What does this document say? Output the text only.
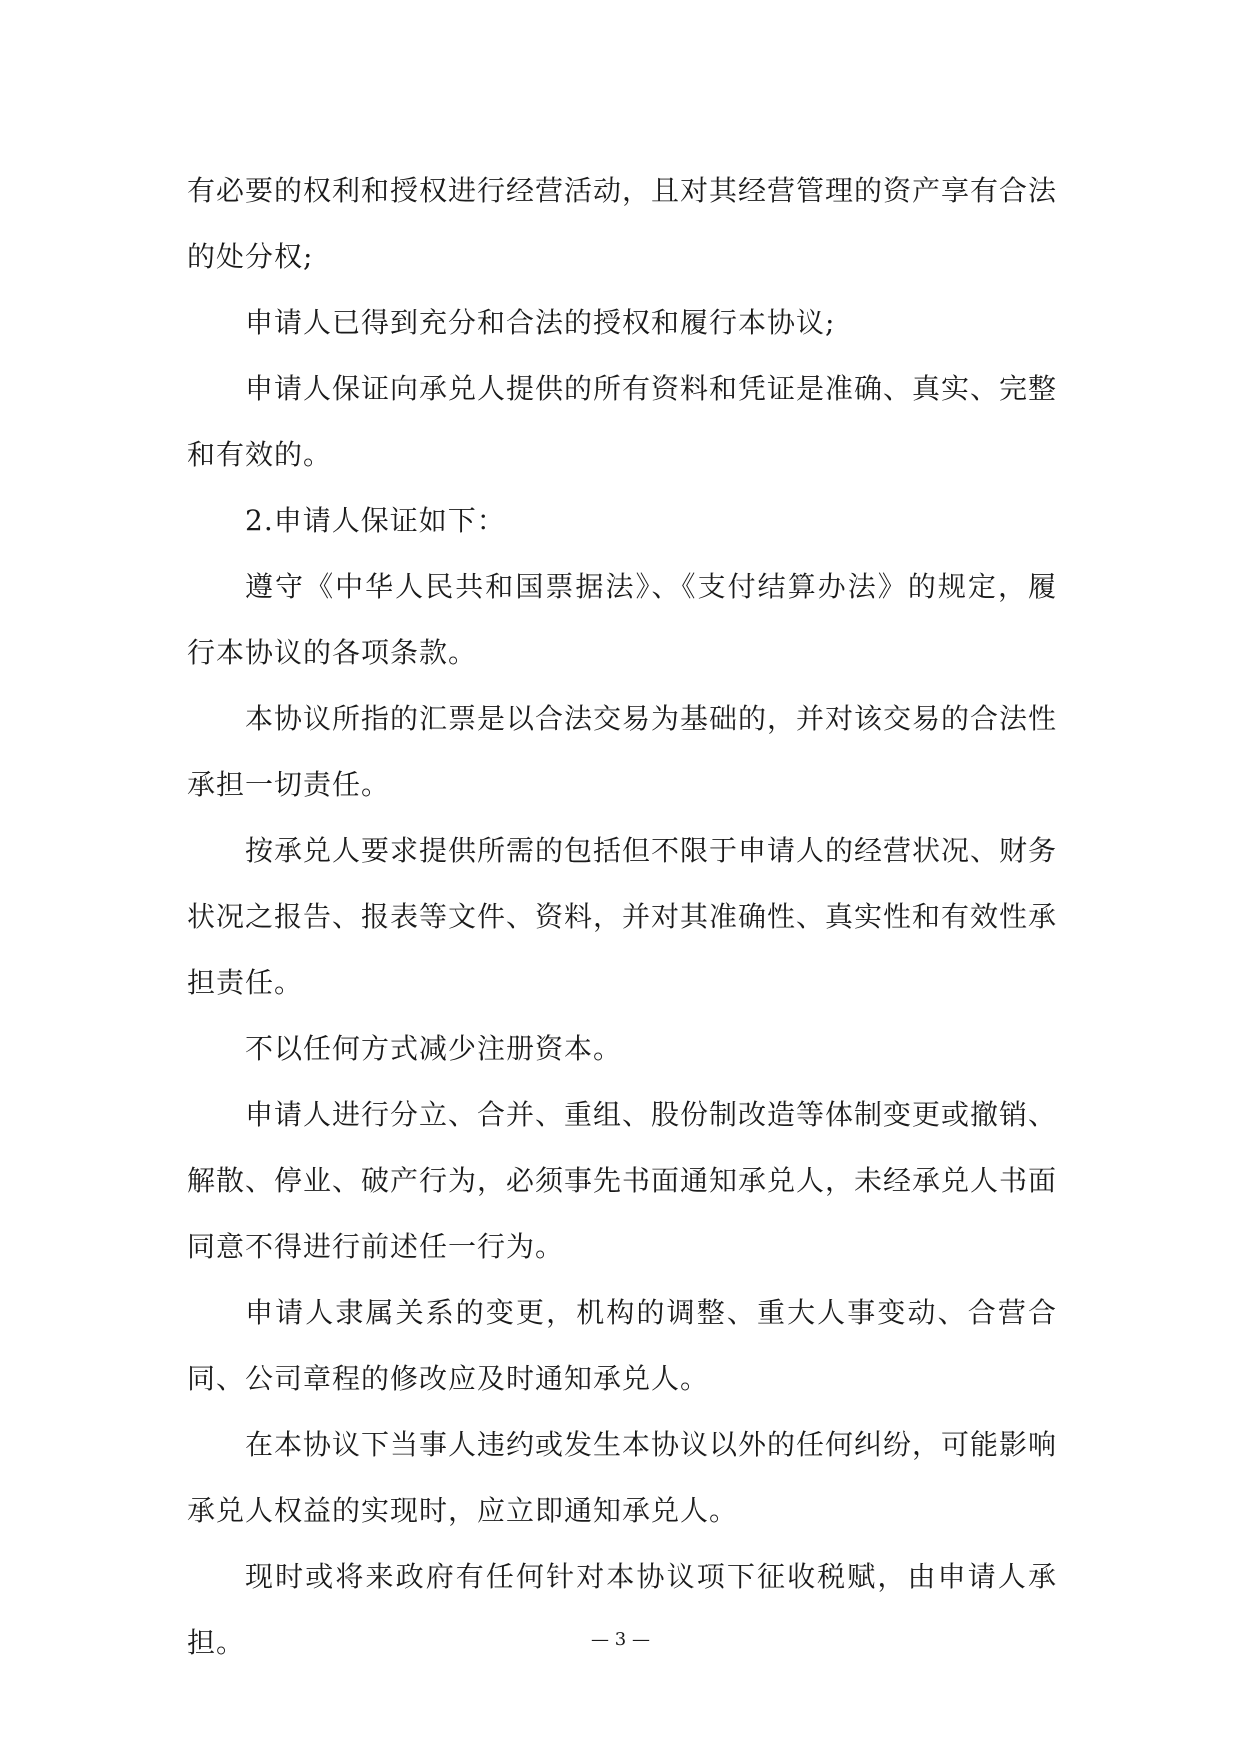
有必要的权利和授权进行经营活动，且对其经营管理的资产享有合法的处分权;

申请人已得到充分和合法的授权和履行本协议;

申请人保证向承兑人提供的所有资料和凭证是准确、真实、完整和有效的。

2.申请人保证如下：

遵守《中华人民共和国票据法》、《支付结算办法》的规定，履行本协议的各项条款。

本协议所指的汇票是以合法交易为基础的，并对该交易的合法性承担一切责任。

按承兑人要求提供所需的包括但不限于申请人的经营状况、财务状况之报告、报表等文件、资料，并对其准确性、真实性和有效性承担责任。

不以任何方式减少注册资本。

申请人进行分立、合并、重组、股份制改造等体制变更或撤销、解散、停业、破产行为，必须事先书面通知承兑人，未经承兑人书面同意不得进行前述任一行为。

申请人隶属关系的变更，机构的调整、重大人事变动、合营合同、公司章程的修改应及时通知承兑人。

在本协议下当事人违约或发生本协议以外的任何纠纷，可能影响承兑人权益的实现时，应立即通知承兑人。

现时或将来政府有任何针对本协议项下征收税赋，由申请人承担。	— 3 —
